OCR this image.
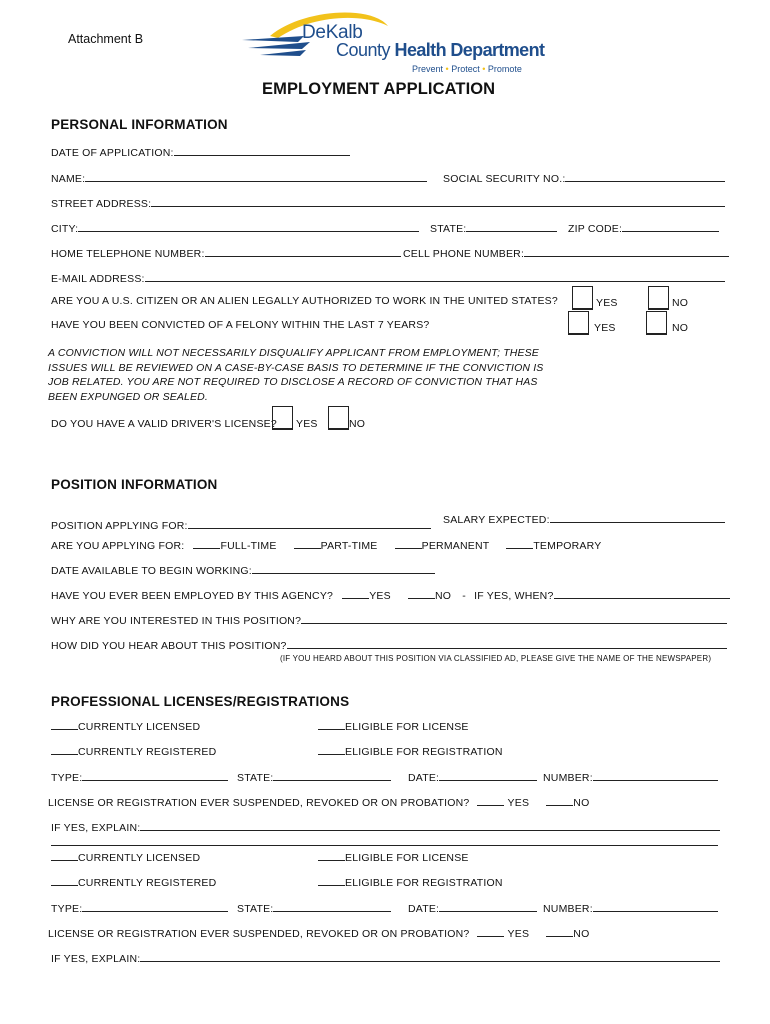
Attachment B	DeKalb
County Health Department
Prevent • Protect • Promote
EMPLOYMENT APPLICATION
PERSONAL INFORMATION
DATE OF APPLICATION:
NAME:	SOCIAL SECURITY NO.:
STREET ADDRESS:
CITY:	STATE:	ZIP CODE:
HOME TELEPHONE NUMBER:	CELL PHONE NUMBER:
E-MAIL ADDRESS:
ARE YOU A U.S. CITIZEN OR AN ALIEN LEGALLY AUTHORIZED TO WORK IN THE UNITED STATES?	YES	NO
HAVE YOU BEEN CONVICTED OF A FELONY WITHIN THE LAST 7 YEARS?	YES	NO
A CONVICTION WILL NOT NECESSARILY DISQUALIFY APPLICANT FROM EMPLOYMENT; THESE ISSUES WILL BE REVIEWED ON A CASE-BY-CASE BASIS TO DETERMINE IF THE CONVICTION IS JOB RELATED. YOU ARE NOT REQUIRED TO DISCLOSE A RECORD OF CONVICTION THAT HAS BEEN EXPUNGED OR SEALED.
DO YOU HAVE A VALID DRIVER'S LICENSE? YES	NO
POSITION INFORMATION
POSITION APPLYING FOR:	SALARY EXPECTED:
ARE YOU APPLYING FOR:	FULL-TIME	PART-TIME	PERMANENT	TEMPORARY
DATE AVAILABLE TO BEGIN WORKING:
HAVE YOU EVER BEEN EMPLOYED BY THIS AGENCY?	YES	NO - IF YES, WHEN?
WHY ARE YOU INTERESTED IN THIS POSITION?
HOW DID YOU HEAR ABOUT THIS POSITION?
(IF YOU HEARD ABOUT THIS POSITION VIA CLASSIFIED AD, PLEASE GIVE THE NAME OF THE NEWSPAPER)
PROFESSIONAL LICENSES/REGISTRATIONS
CURRENTLY LICENSED	ELIGIBLE FOR LICENSE
CURRENTLY REGISTERED	ELIGIBLE FOR REGISTRATION
TYPE:	STATE:	DATE:	NUMBER:
LICENSE OR REGISTRATION EVER SUSPENDED, REVOKED OR ON PROBATION?	YES	NO
IF YES, EXPLAIN:
CURRENTLY LICENSED	ELIGIBLE FOR LICENSE
CURRENTLY REGISTERED	ELIGIBLE FOR REGISTRATION
TYPE:	STATE:	DATE:	NUMBER:
LICENSE OR REGISTRATION EVER SUSPENDED, REVOKED OR ON PROBATION?	YES	NO
IF YES, EXPLAIN:
